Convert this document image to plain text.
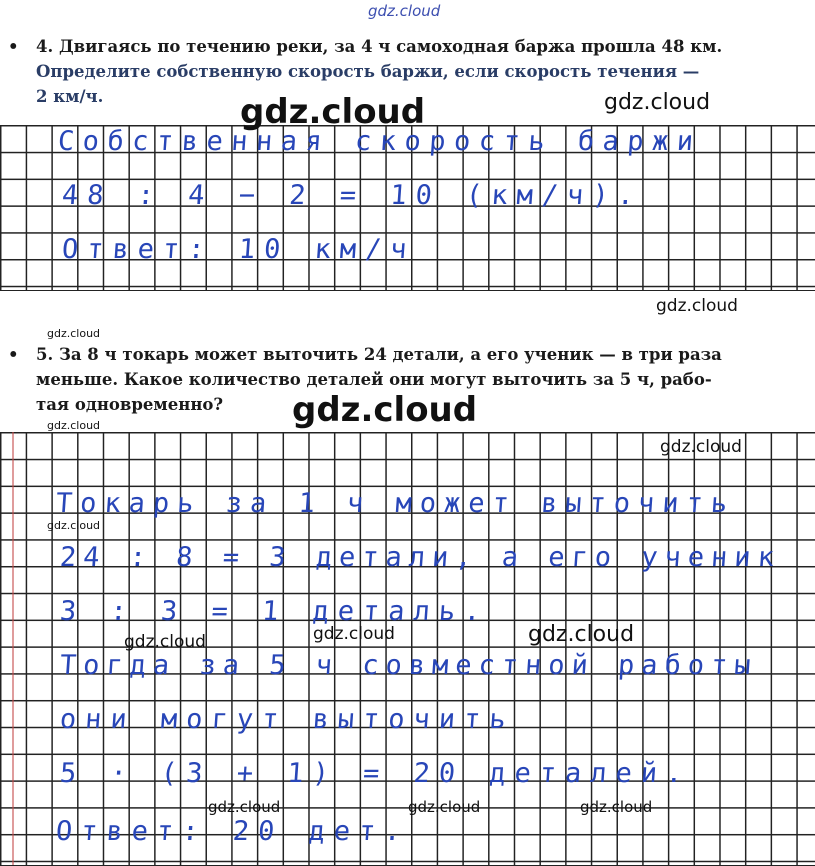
gdz.cloud
• 4. Двигаясь по течению реки, за 4 ч самоходная баржа прошла 48 км.
Определите собственную скорость баржи, если скорость течения —
2 км/ч.
Собственная скорость баржи
48 : 4 − 2 = 10 (км/ч).
Ответ: 10 км/ч
gdz.cloud	gdz.cloud
gdz.cloud
gdz.cloud
• 5. За 8 ч токарь может выточить 24 детали, а его ученик — в три раза
меньше. Какое количество деталей они могут выточить за 5 ч, рабо-
тая одновременно?	gdz.cloud
gdz.cloud
gdz.cloud
gdz.cloud
Токарь за 1 ч может выточить
24 : 8 = 3 детали, а его ученик
3 : 3 = 1 деталь.
Тогда за 5 ч совместной работы
они могут выточить
5 · (3 + 1) = 20 деталей.
Ответ: 20 дет.
gdz.cloud	gdz.cloud	gdz.cloud
gdz.cloud	gdz.cloud	gdz.cloud
